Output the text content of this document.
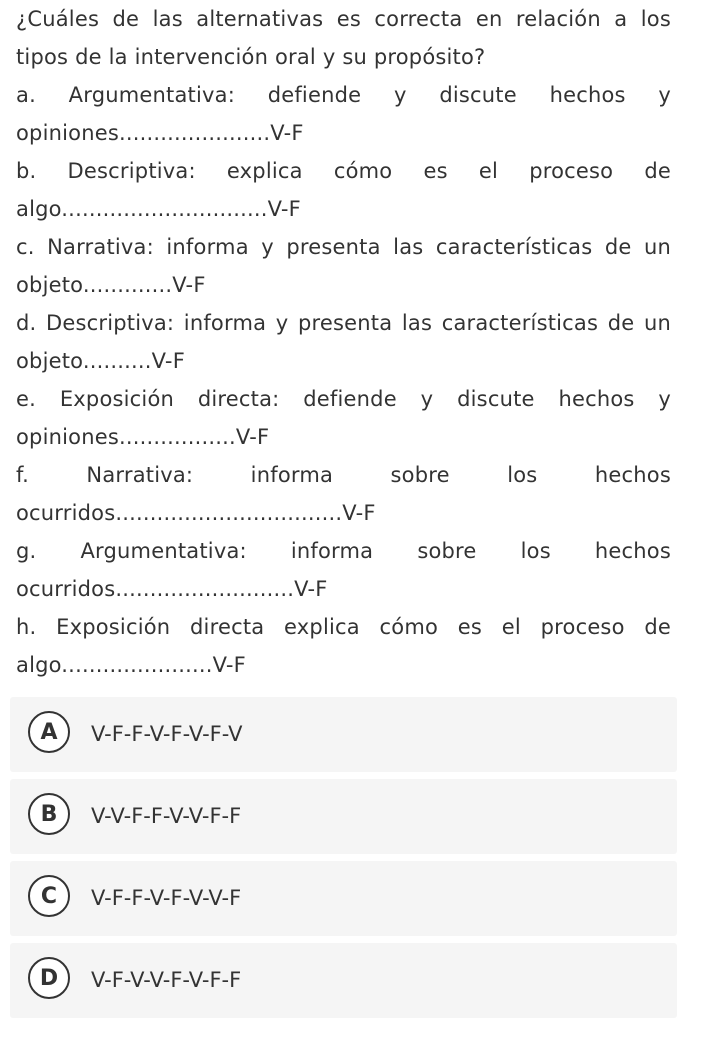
¿Cuáles de las alternativas es correcta en relación a los
tipos de la intervención oral y su propósito?
a. Argumentativa: defiende y discute hechos y
opiniones......................V-F
b. Descriptiva: explica cómo es el proceso de
algo..............................V-F
c. Narrativa: informa y presenta las características de un
objeto.............V-F
d. Descriptiva: informa y presenta las características de un
objeto..........V-F
e. Exposición directa: defiende y discute hechos y
opiniones.................V-F
f. Narrativa: informa sobre los hechos
ocurridos.................................V-F
g. Argumentativa: informa sobre los hechos
ocurridos..........................V-F
h. Exposición directa explica cómo es el proceso de
algo......................V-F
A	V-F-F-V-F-V-F-V
B	V-V-F-F-V-V-F-F
C	V-F-F-V-F-V-V-F
D	V-F-V-V-F-V-F-F
